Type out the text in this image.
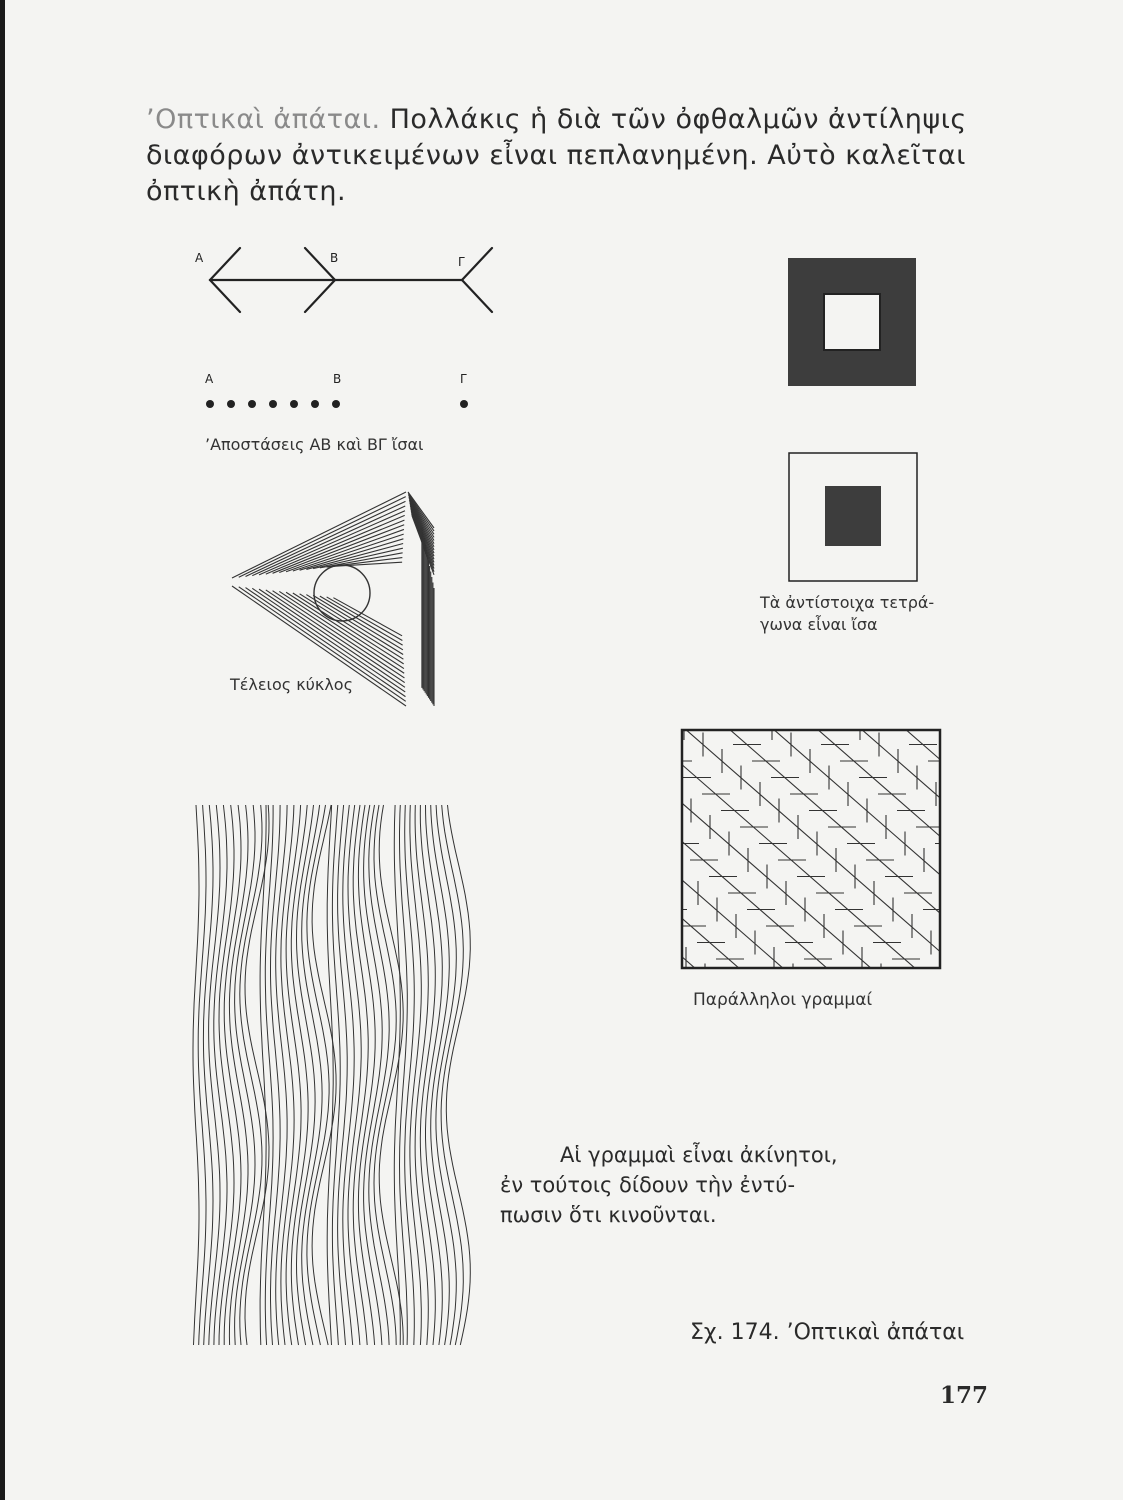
’Οπτικαὶ ἀπάται. Πολλάκις ἡ διὰ τῶν ὀφθαλμῶν ἀντίληψις διαφόρων ἀντικειμένων εἶναι πεπλανημένη. Αὐτὸ καλεῖται ὀπτικὴ ἀπάτη.

Α	Β	Γ
Α	Β	Γ

’Αποστάσεις ΑΒ καὶ ΒΓ ἴσαι

Τέλειος κύκλος

Τὰ ἀντίστοιχα τετρά-
γωνα εἶναι ἴσα

Παράλληλοι γραμμαί

Αἱ γραμμαὶ εἶναι ἀκίνητοι,
ἐν τούτοις δίδουν τὴν ἐντύ-
πωσιν ὅτι κινοῦνται.

Σχ. 174. ’Οπτικαὶ ἀπάται

177
